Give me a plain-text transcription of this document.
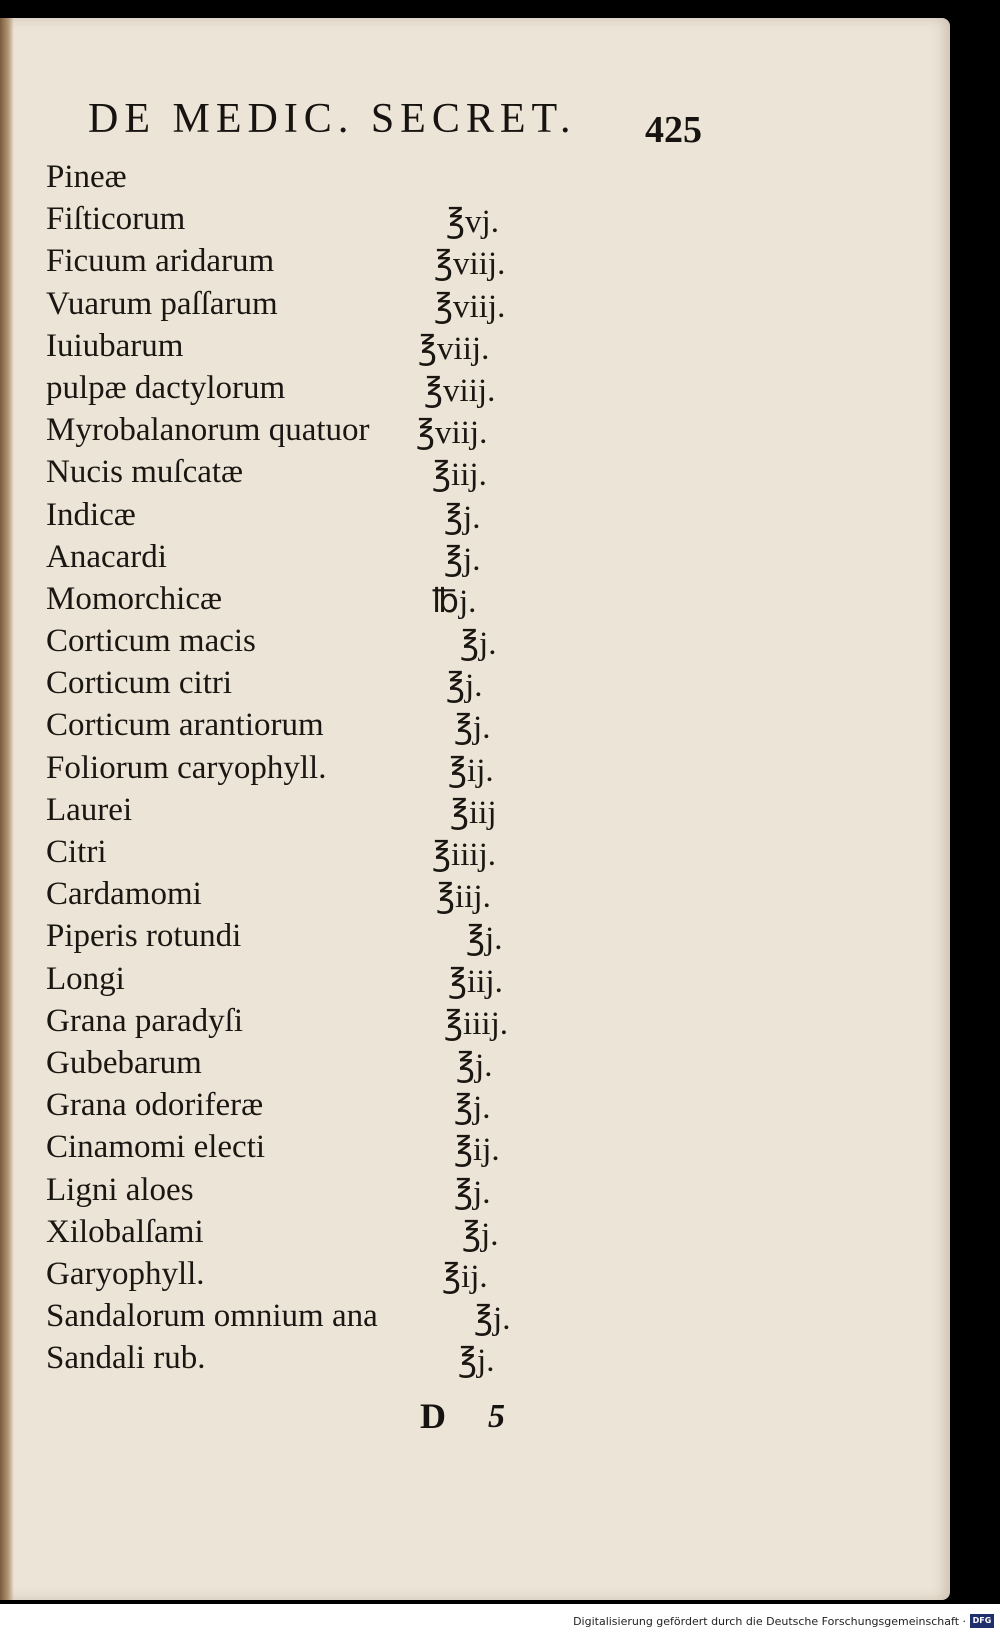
DE MEDIC. SECRET. 425
Pineæ
Fiſticorum	℥vj.
Ficuum aridarum	℥viij.
Vuarum paſſarum	℥viij.
Iuiubarum	℥viij.
pulpæ dactylorum	℥viij.
Myrobalanorum quatuor ℥viij.
Nucis muſcatæ	℥iij.
Indicæ	℥j.
Anacardi	℥j.
Momorchicæ	℔j.
Corticum macis	℥j.
Corticum citri	℥j.
Corticum arantiorum	℥j.
Foliorum caryophyll.	℥ij.
Laurei	℥iij
Citri	℥iiij.
Cardamomi	℥iij.
Piperis rotundi	℥j.
Longi	℥iij.
Grana paradyſi	℥iiij.
Gubebarum	℥j.
Grana odoriferæ	℥j.
Cinamomi electi	℥ij.
Ligni aloes	℥j.
Xilobalſami	℥j.
Garyophyll.	℥ij.
Sandalorum omnium ana	℥j.
Sandali rub.	℥j.
D 5
Digitalisierung gefördert durch die Deutsche Forschungsgemeinschaft · DFG
